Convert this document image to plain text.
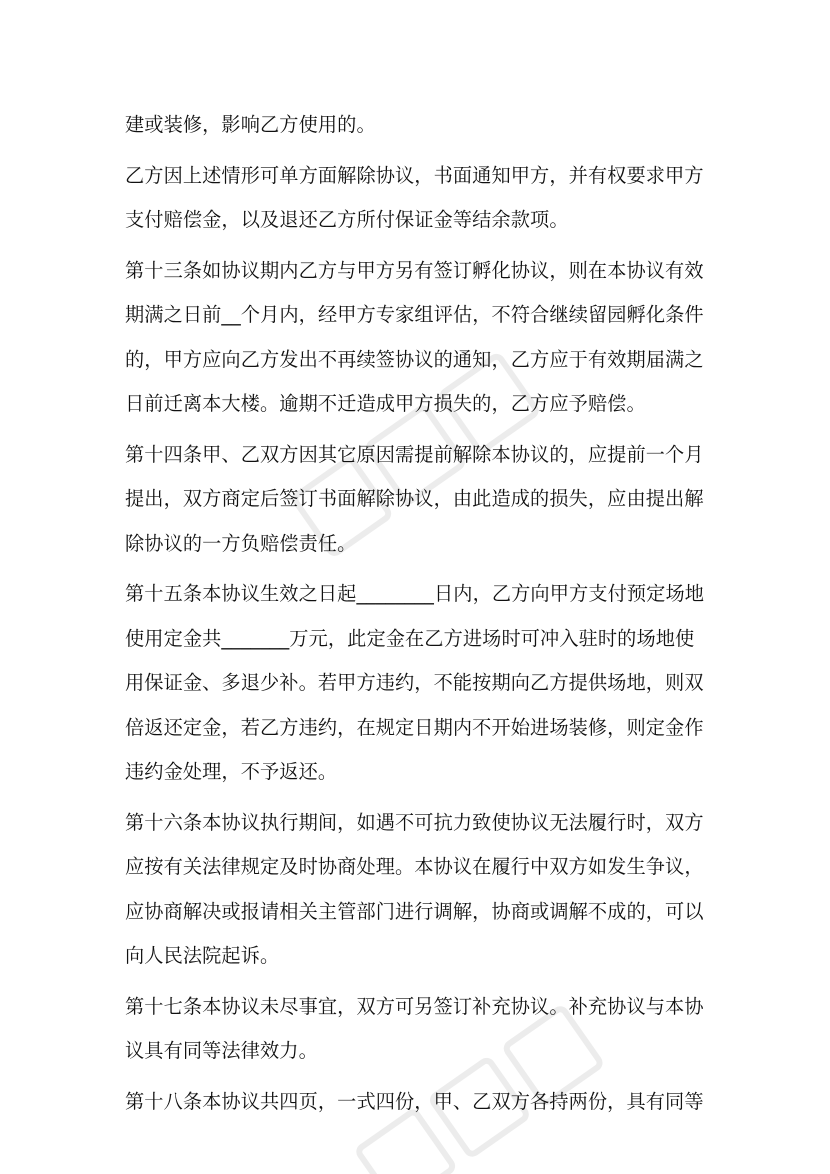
建或装修，影响乙方使用的。

乙方因上述情形可单方面解除协议，书面通知甲方，并有权要求甲方
支付赔偿金，以及退还乙方所付保证金等结余款项。

第十三条如协议期内乙方与甲方另有签订孵化协议，则在本协议有效
期满之日前__个月内，经甲方专家组评估，不符合继续留园孵化条件
的，甲方应向乙方发出不再续签协议的通知，乙方应于有效期届满之
日前迁离本大楼。逾期不迁造成甲方损失的，乙方应予赔偿。

第十四条甲、乙双方因其它原因需提前解除本协议的，应提前一个月
提出，双方商定后签订书面解除协议，由此造成的损失，应由提出解
除协议的一方负赔偿责任。

第十五条本协议生效之日起________日内，乙方向甲方支付预定场地
使用定金共_______万元，此定金在乙方进场时可冲入驻时的场地使
用保证金、多退少补。若甲方违约，不能按期向乙方提供场地，则双
倍返还定金，若乙方违约，在规定日期内不开始进场装修，则定金作
违约金处理，不予返还。

第十六条本协议执行期间，如遇不可抗力致使协议无法履行时，双方
应按有关法律规定及时协商处理。本协议在履行中双方如发生争议，
应协商解决或报请相关主管部门进行调解，协商或调解不成的，可以
向人民法院起诉。

第十七条本协议未尽事宜，双方可另签订补充协议。补充协议与本协
议具有同等法律效力。

第十八条本协议共四页，一式四份，甲、乙双方各持两份，具有同等
